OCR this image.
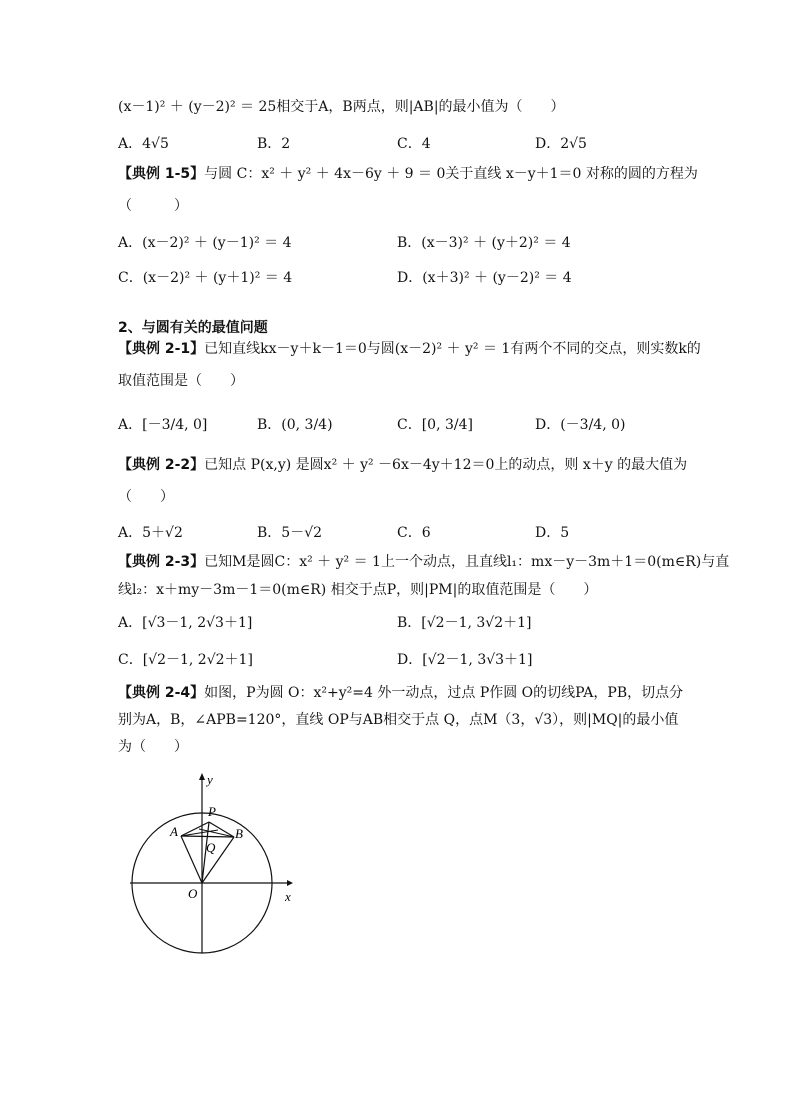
(x－1)² ＋ (y－2)² ＝ 25相交于A，B两点，则|AB|的最小值为（　　）
A．4√5	B．2	C．4	D．2√5
【典例 1-5】与圆 C：x² ＋ y² ＋ 4x－6y ＋ 9 ＝ 0关于直线 x－y＋1＝0 对称的圆的方程为
（　　　）
A．(x－2)² ＋ (y－1)² ＝ 4	B．(x－3)² ＋ (y＋2)² ＝ 4
C．(x－2)² ＋ (y＋1)² ＝ 4	D．(x＋3)² ＋ (y－2)² ＝ 4
2、与圆有关的最值问题
【典例 2-1】已知直线kx－y＋k－1＝0与圆(x－2)² ＋ y² ＝ 1有两个不同的交点，则实数k的
取值范围是（　　）
A．[－3/4, 0]	B．(0, 3/4)	C．[0, 3/4]	D．(－3/4, 0)
【典例 2-2】已知点 P(x,y) 是圆x² ＋ y² －6x－4y＋12＝0上的动点，则 x＋y 的最大值为
（　　）
A．5＋√2	B．5－√2	C．6	D．5
【典例 2-3】已知M是圆C：x² ＋ y² ＝ 1上一个动点，且直线l₁：mx－y－3m＋1＝0(m∈R)与直
线l₂：x＋my－3m－1＝0(m∈R) 相交于点P，则|PM|的取值范围是（　　）
A．[√3－1, 2√3＋1]	B．[√2－1, 3√2＋1]
C．[√2－1, 2√2＋1]	D．[√2－1, 3√3＋1]
【典例 2-4】如图，P为圆 O：x²+y²=4 外一动点，过点 P作圆 O的切线PA，PB，切点分
别为A，B，∠APB=120°，直线 OP与AB相交于点 Q，点M（3，√3），则|MQ|的最小值
为（　　）
y
x
P
A	B
Q
O
